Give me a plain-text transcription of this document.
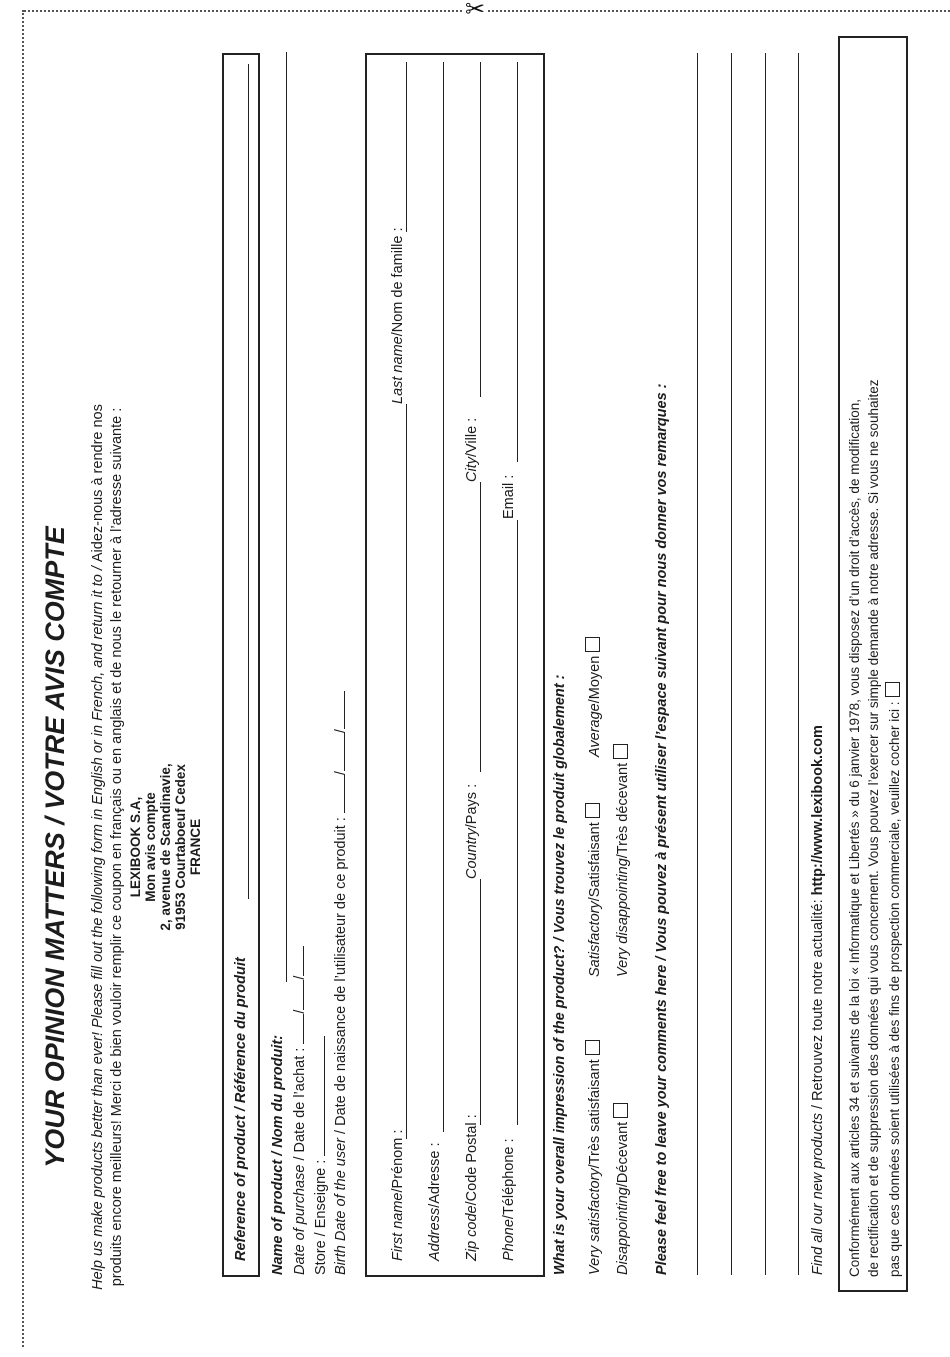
✂
YOUR OPINION MATTERS / VOTRE AVIS COMPTE Help us make products better than ever! Please fill out the following form in English or in French, and return it to / Aidez-nous à rendre nos produits encore meilleurs! Merci de bien vouloir remplir ce coupon en français ou en anglais et de nous le retourner à l’adresse suivante : LEXIBOOK S.A, Mon avis compte 2, avenue de Scandinavie, 91953 Courtaboeuf Cedex FRANCE
Reference of product / Référence du produit Name of product / Nom du produit: Date of purchase / Date de l’achat : //
Store / Enseigne : Birth Date of the user / Date de naissance de l’utilisateur de ce produit : //
First name/Prénom :
Last name/Nom de famille :
Address/Adresse :
Zip code/Code Postal :
Country/Pays :
City/Ville :
Phone/Téléphone :
Email :
What is your overall impression of the product? / Vous trouvez le produit globalement : Very satisfactory/Très satisfaisant
Satisfactory/Satisfaisant
Average/Moyen
Disappointing/Décevant
Very disappointing/Très décevant Please feel free to leave your comments here / Vous pouvez à présent utiliser l’espace suivant pour nous donner vos remarques :	Find all our new products / Retrouvez toute notre actualité: http://www.lexibook.com Conformément aux articles 34 et suivants de la loi « Informatique et Libertés » du 6 janvier 1978, vous disposez d’un droit d’accès, de modification, de rectification et de suppression des données qui vous concernent. Vous pouvez l’exercer sur simple demande à notre adresse. Si vous ne souhaitez pas que ces données soient utilisées à des fins de prospection commerciale, veuillez cocher ici :
